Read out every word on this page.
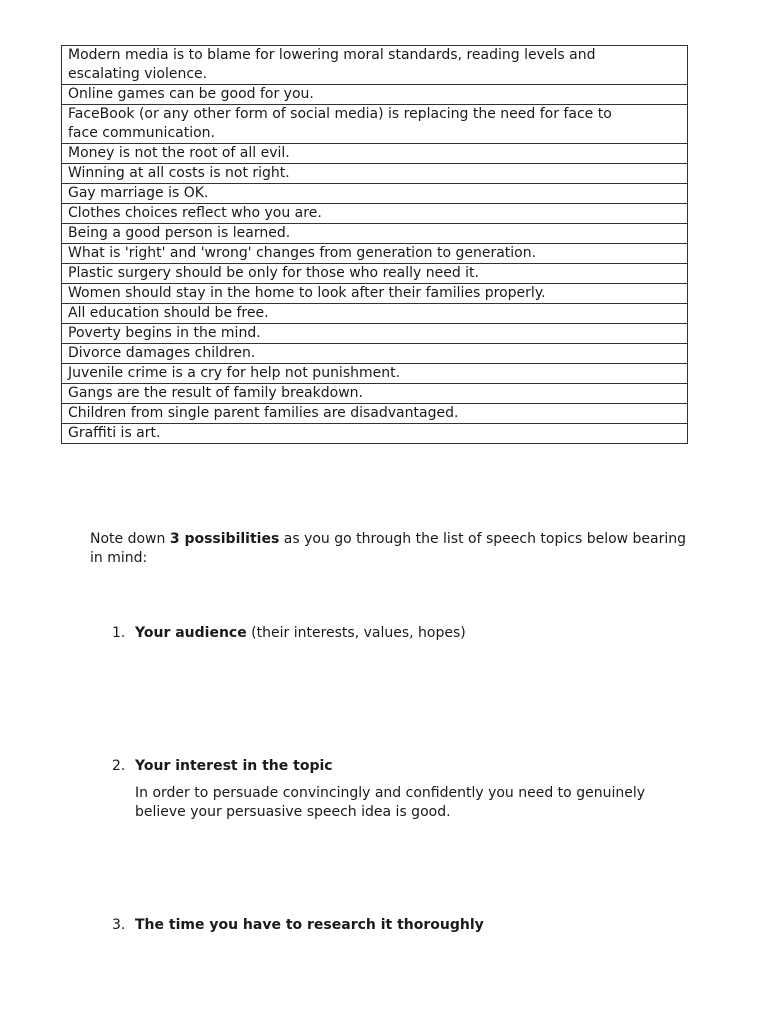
Modern media is to blame for lowering moral standards, reading levels and
escalating violence.

Online games can be good for you.

FaceBook (or any other form of social media) is replacing the need for face to
face communication.

Money is not the root of all evil.
Winning at all costs is not right.
Gay marriage is OK.
Clothes choices reflect who you are.
Being a good person is learned.
What is 'right' and 'wrong' changes from generation to generation.
Plastic surgery should be only for those who really need it.
Women should stay in the home to look after their families properly.
All education should be free.
Poverty begins in the mind.
Divorce damages children.
Juvenile crime is a cry for help not punishment.
Gangs are the result of family breakdown.
Children from single parent families are disadvantaged.
Graffiti is art.

Note down 3 possibilities as you go through the list of speech topics below bearing in mind:

1. Your audience (their interests, values, hopes)
2. Your interest in the topic
In order to persuade convincingly and confidently you need to genuinely believe your persuasive speech idea is good.
3. The time you have to research it thoroughly
